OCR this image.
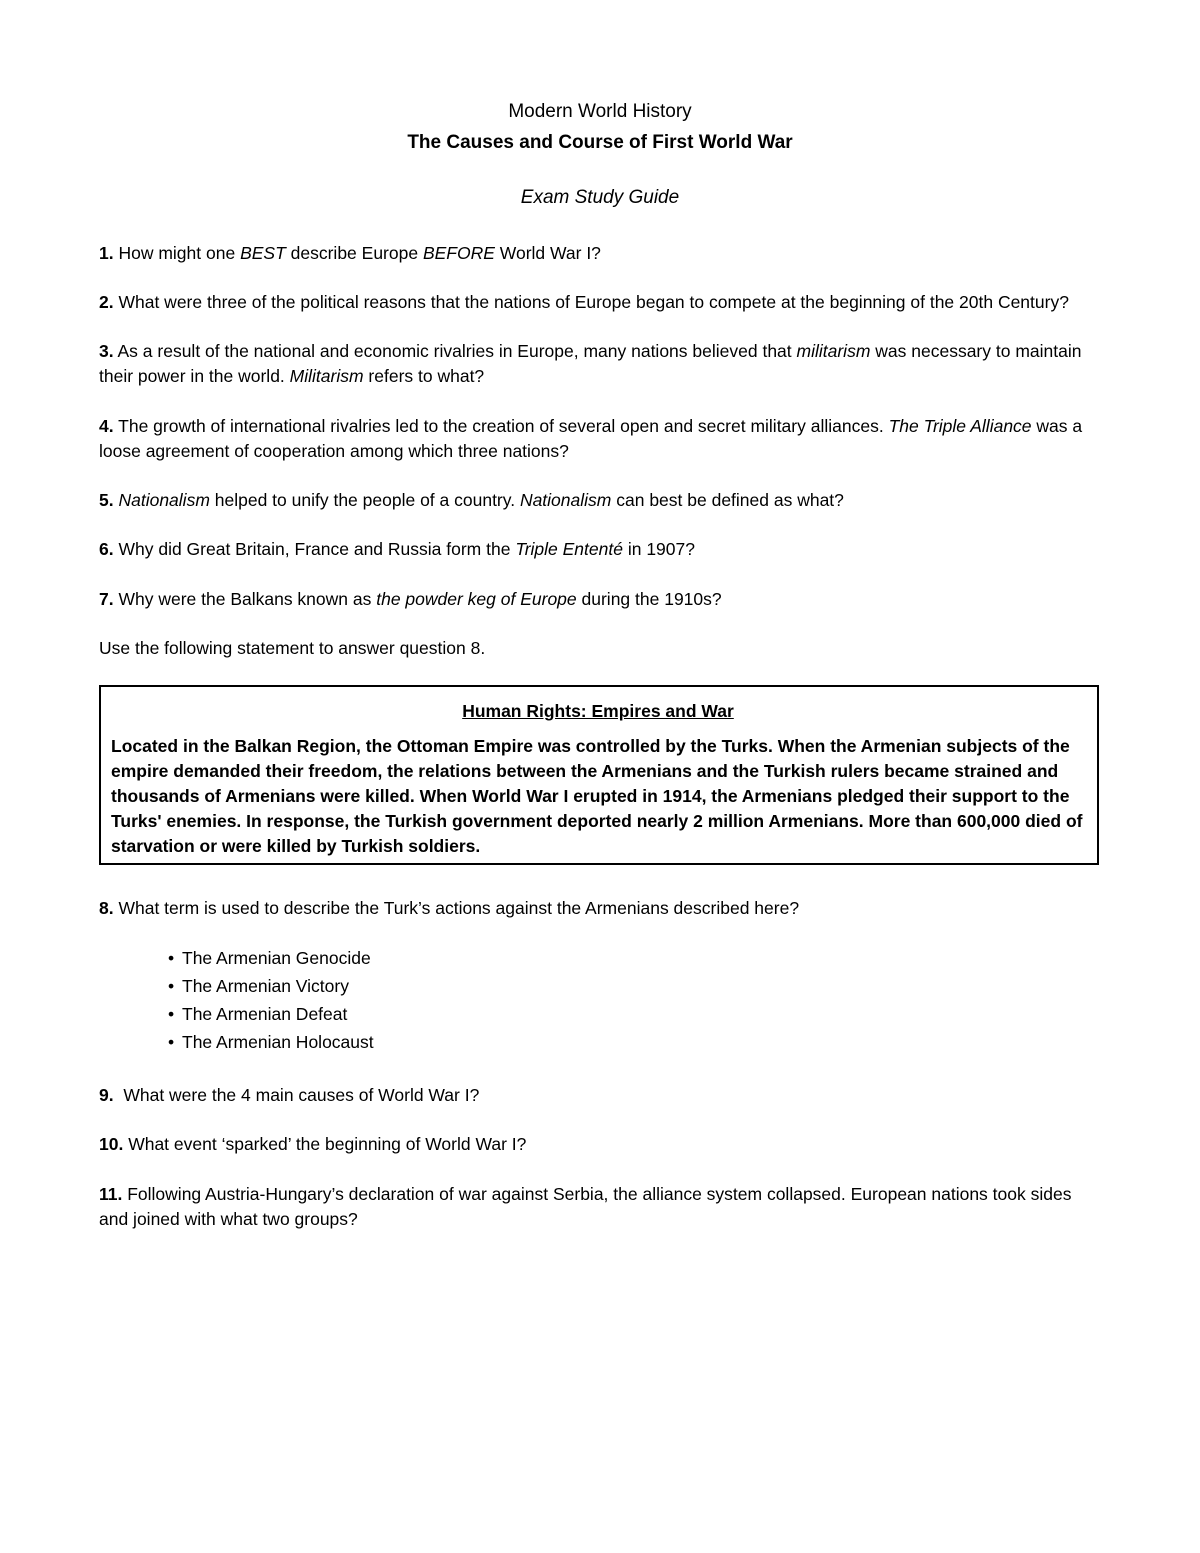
Modern World History
The Causes and Course of First World War
Exam Study Guide
1. How might one BEST describe Europe BEFORE World War I?
2. What were three of the political reasons that the nations of Europe began to compete at the beginning of the 20th Century?
3. As a result of the national and economic rivalries in Europe, many nations believed that militarism was necessary to maintain their power in the world. Militarism refers to what?
4. The growth of international rivalries led to the creation of several open and secret military alliances. The Triple Alliance was a loose agreement of cooperation among which three nations?
5. Nationalism helped to unify the people of a country. Nationalism can best be defined as what?
6. Why did Great Britain, France and Russia form the Triple Ententé in 1907?
7. Why were the Balkans known as the powder keg of Europe during the 1910s?
Use the following statement to answer question 8.
Human Rights: Empires and War
Located in the Balkan Region, the Ottoman Empire was controlled by the Turks. When the Armenian subjects of the empire demanded their freedom, the relations between the Armenians and the Turkish rulers became strained and thousands of Armenians were killed. When World War I erupted in 1914, the Armenians pledged their support to the Turks' enemies. In response, the Turkish government deported nearly 2 million Armenians. More than 600,000 died of starvation or were killed by Turkish soldiers.
8. What term is used to describe the Turk’s actions against the Armenians described here?
• The Armenian Genocide
• The Armenian Victory
• The Armenian Defeat
• The Armenian Holocaust
9.  What were the 4 main causes of World War I?
10. What event ‘sparked’ the beginning of World War I?
11. Following Austria-Hungary’s declaration of war against Serbia, the alliance system collapsed. European nations took sides and joined with what two groups?
